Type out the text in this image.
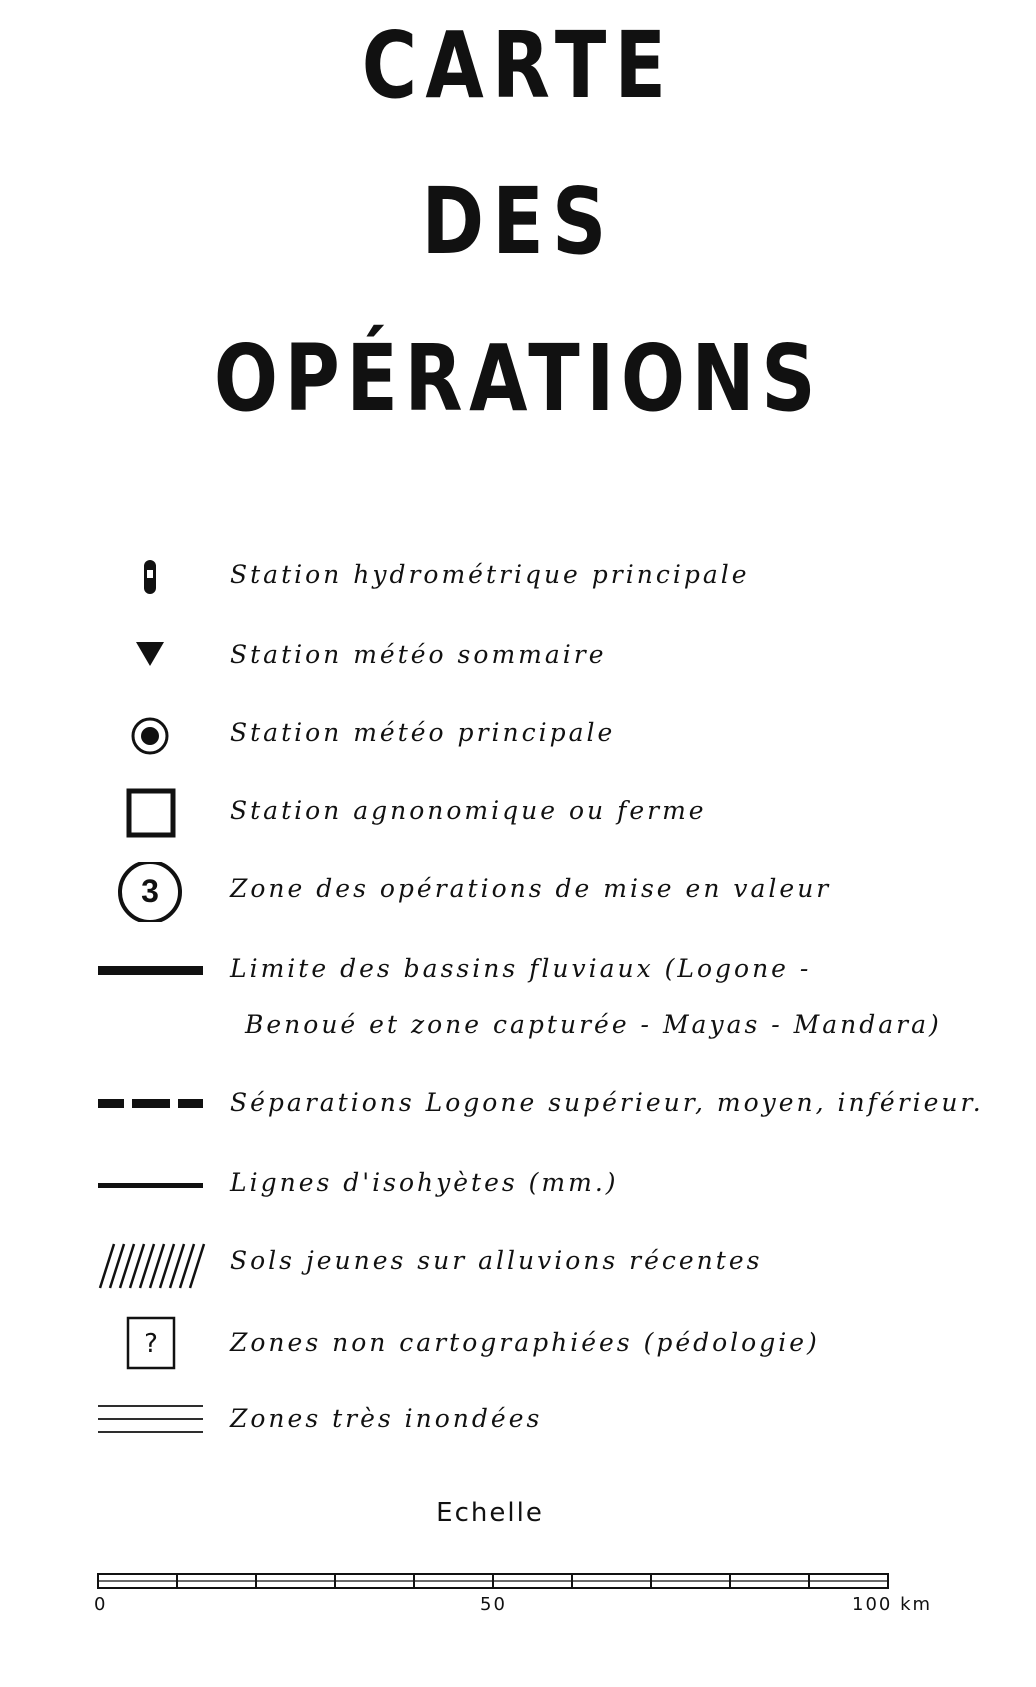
CARTE
DES
OPÉRATIONS
Station hydrométrique principale
Station météo sommaire
Station météo principale
Station agnonomique ou ferme
3	Zone des opérations de mise en valeur
Limite des bassins fluviaux (Logone -
Benoué et zone capturée - Mayas - Mandara)
Séparations Logone supérieur, moyen, inférieur.
Lignes d'isohyètes (mm.)
Sols jeunes sur alluvions récentes
?	Zones non cartographiées (pédologie)
Zones très inondées
Echelle
0	50	100 km
